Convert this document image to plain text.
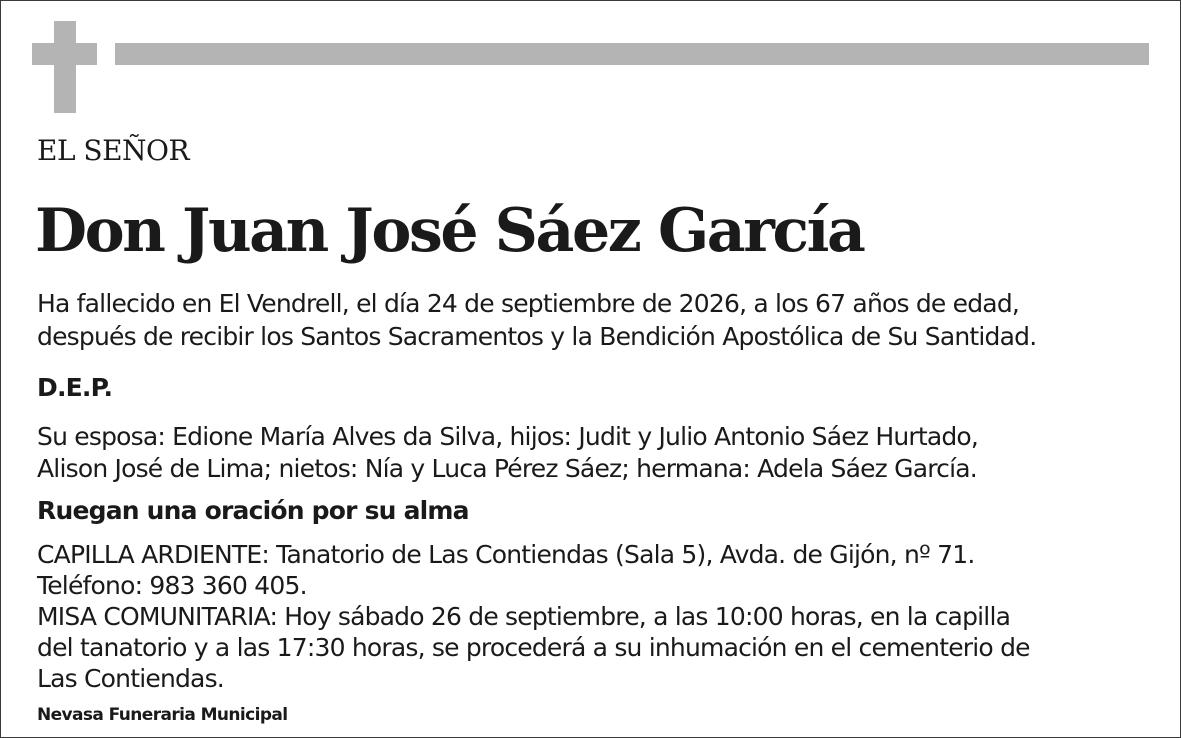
EL SEÑOR
Don Juan José Sáez García
Ha fallecido en El Vendrell, el día 24 de septiembre de 2026, a los 67 años de edad,
después de recibir los Santos Sacramentos y la Bendición Apostólica de Su Santidad.
D.E.P.
Su esposa: Edione María Alves da Silva, hijos: Judit y Julio Antonio Sáez Hurtado,
Alison José de Lima; nietos: Nía y Luca Pérez Sáez; hermana: Adela Sáez García.
Ruegan una oración por su alma
CAPILLA ARDIENTE: Tanatorio de Las Contiendas (Sala 5), Avda. de Gijón, nº 71.
Teléfono: 983 360 405.
MISA COMUNITARIA: Hoy sábado 26 de septiembre, a las 10:00 horas, en la capilla
del tanatorio y a las 17:30 horas, se procederá a su inhumación en el cementerio de
Las Contiendas.
Nevasa Funeraria Municipal
